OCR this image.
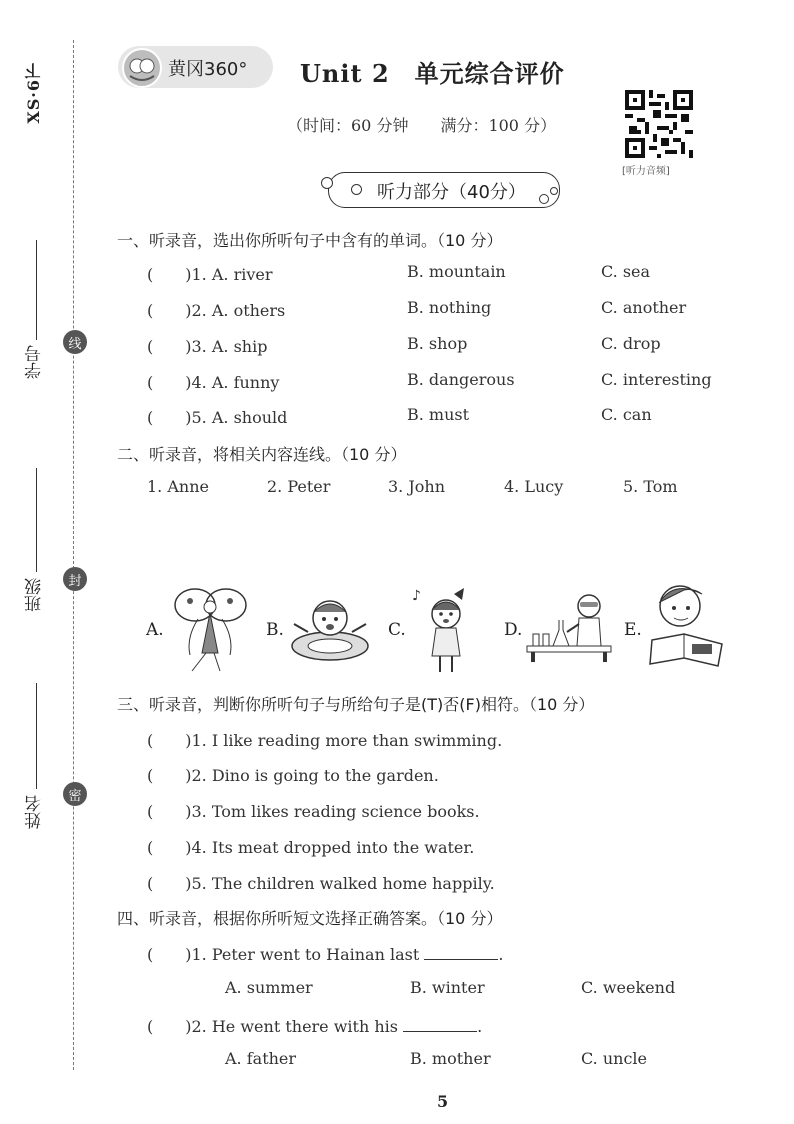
XS·6下
学号
班级
姓名
线
封
密
黄冈360° Unit 2　单元综合评价
（时间：60 分钟　　满分：100 分）
[听力音频]
听力部分（40分）
一、听录音，选出你所听句子中含有的单词。（10 分）
(　　)1. A. river	B. mountain	C. sea
(　　)2. A. others	B. nothing	C. another
(　　)3. A. ship	B. shop	C. drop
(　　)4. A. funny	B. dangerous	C. interesting
(　　)5. A. should	B. must	C. can
二、听录音，将相关内容连线。（10 分）
1. Anne	2. Peter	3. John	4. Lucy	5. Tom
A.	B.	C.
♪
D.	E.
三、听录音，判断你所听句子与所给句子是(T)否(F)相符。（10 分）
(　　)1. I like reading more than swimming.
(　　)2. Dino is going to the garden.
(　　)3. Tom likes reading science books.
(　　)4. Its meat dropped into the water.
(　　)5. The children walked home happily.
四、听录音，根据你所听短文选择正确答案。（10 分）
(　　)1. Peter went to Hainan last	.
A. summer	B. winter	C. weekend
(　　)2. He went there with his	.
A. father	B. mother	C. uncle
5
